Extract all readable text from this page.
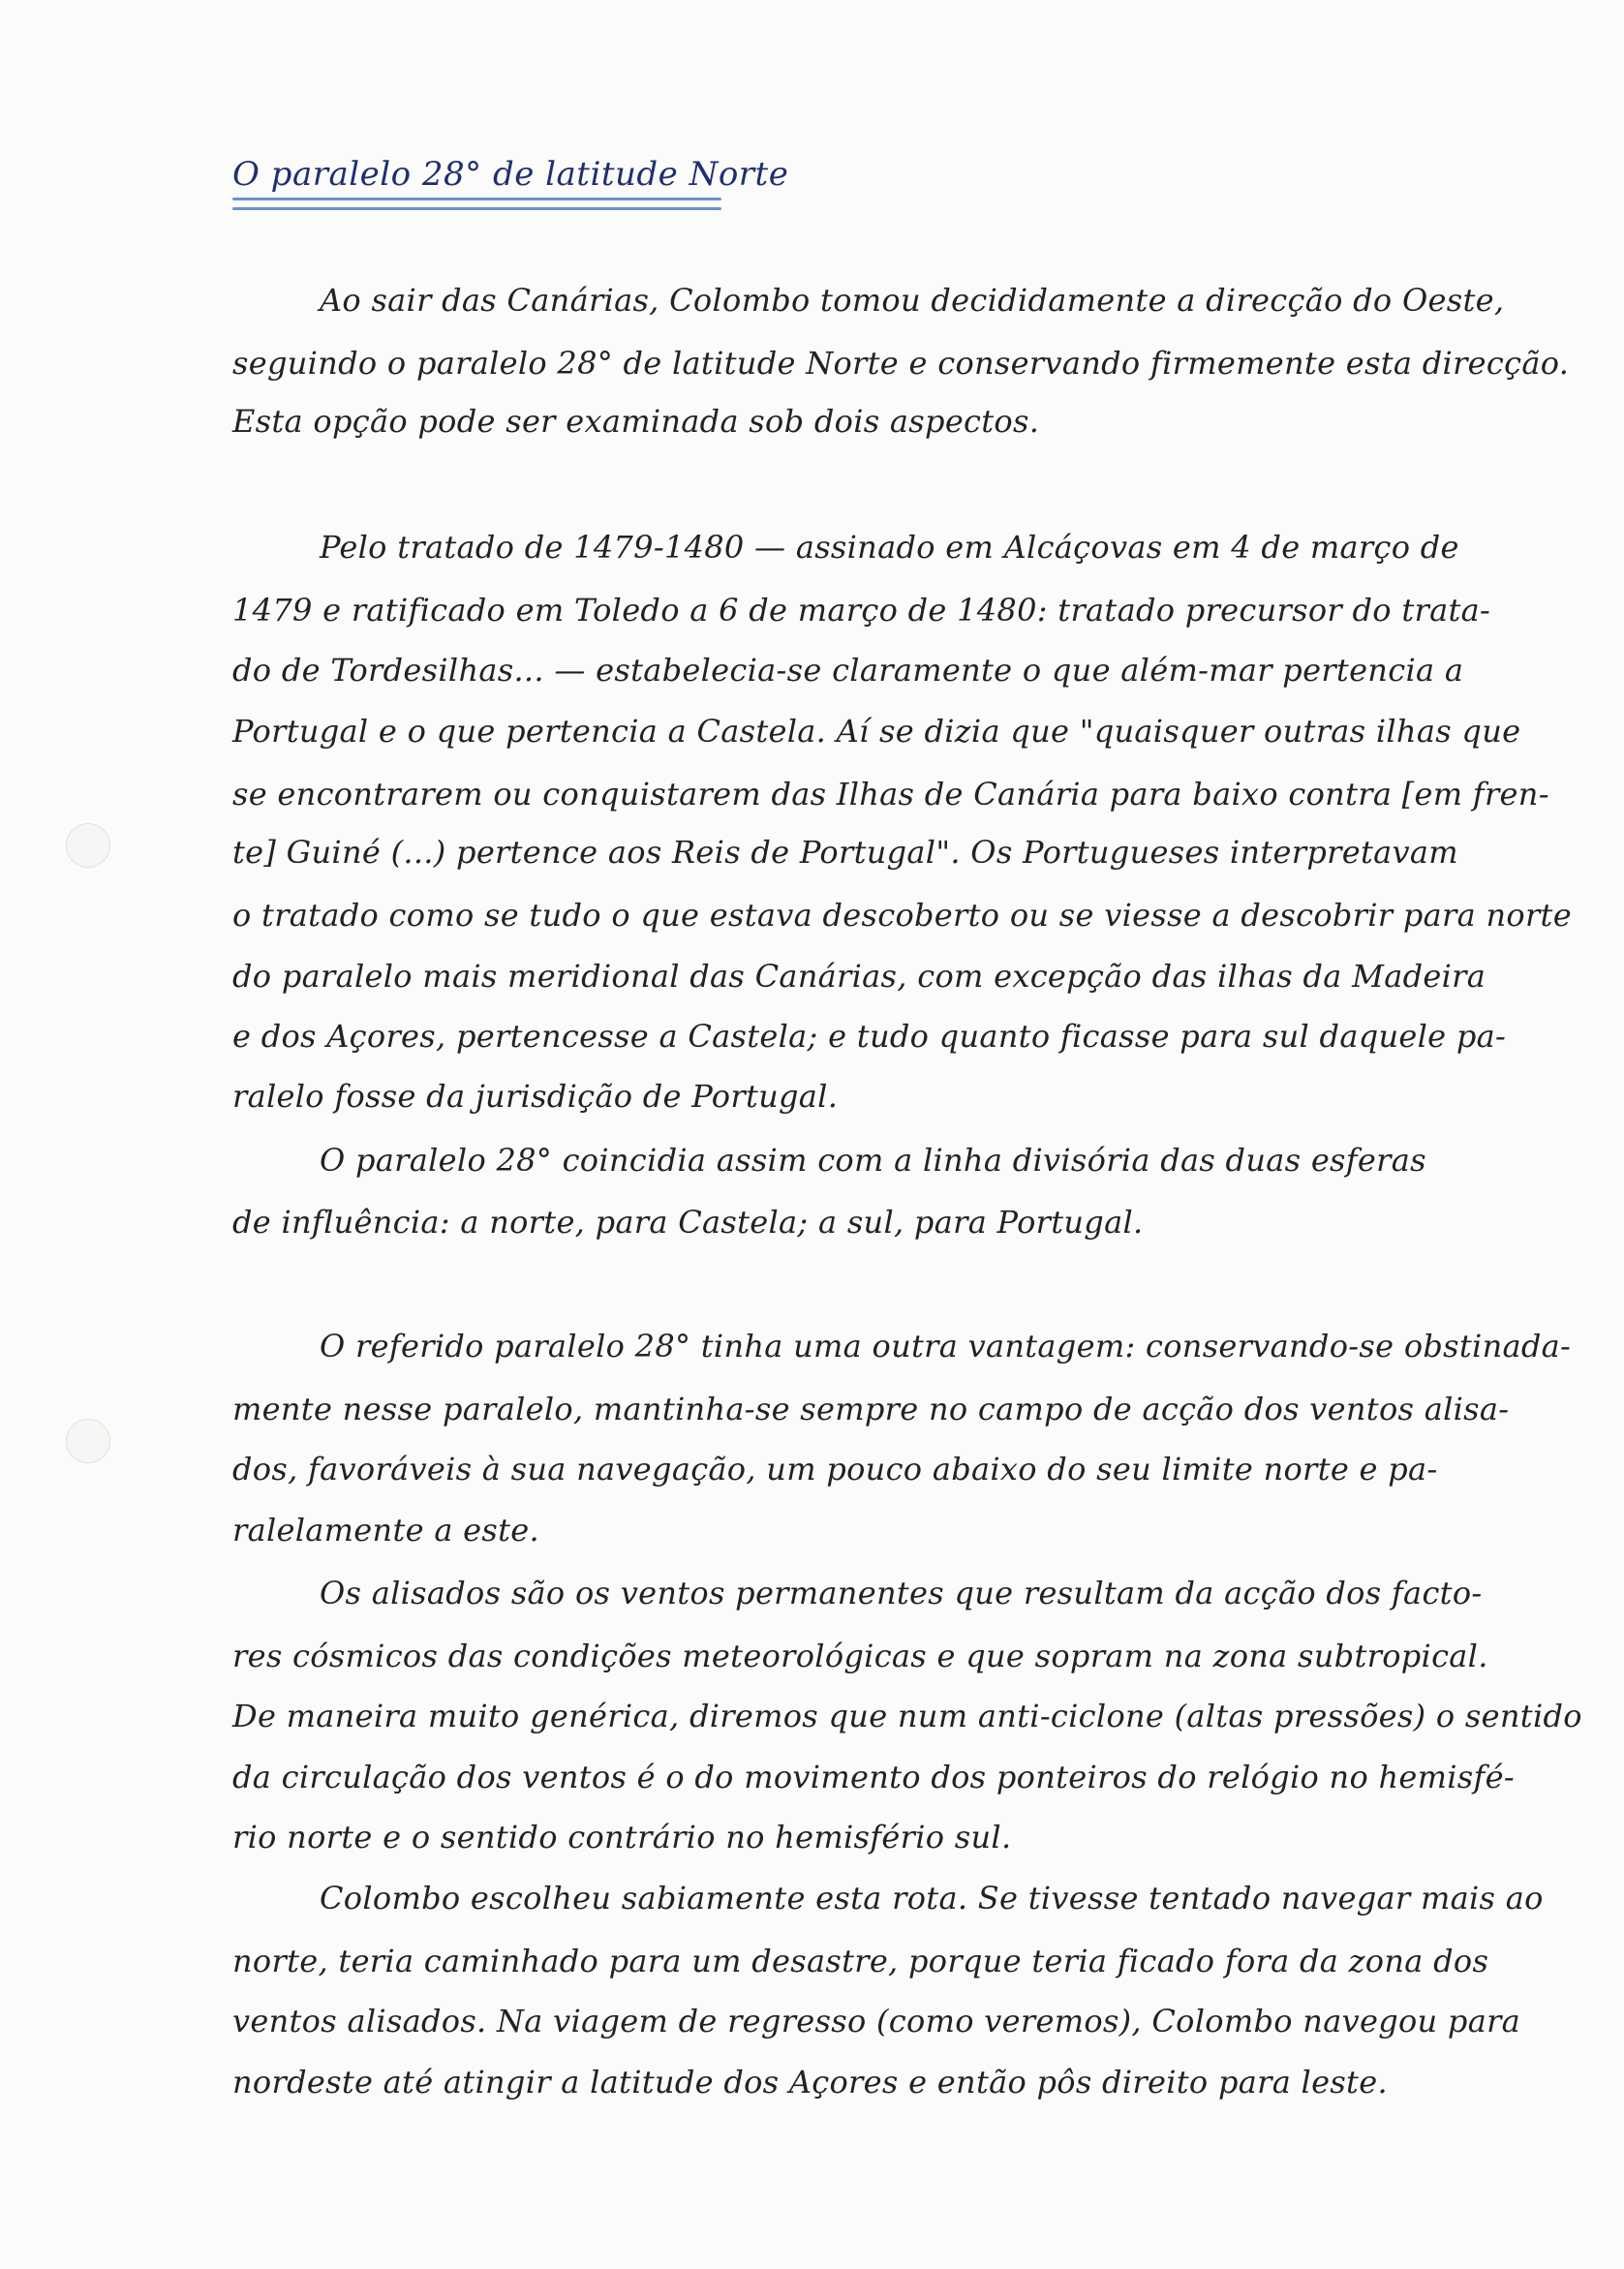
O paralelo 28° de latitude Norte
Ao sair das Canárias, Colombo tomou decididamente a direcção do Oeste,
seguindo o paralelo 28° de latitude Norte e conservando firmemente esta direcção.
Esta opção pode ser examinada sob dois aspectos.
Pelo tratado de 1479-1480 — assinado em Alcáçovas em 4 de março de
1479 e ratificado em Toledo a 6 de março de 1480: tratado precursor do trata-
do de Tordesilhas... — estabelecia-se claramente o que além-mar pertencia a
Portugal e o que pertencia a Castela. Aí se dizia que "quaisquer outras ilhas que
se encontrarem ou conquistarem das Ilhas de Canária para baixo contra [em fren-
te] Guiné (...) pertence aos Reis de Portugal". Os Portugueses interpretavam
o tratado como se tudo o que estava descoberto ou se viesse a descobrir para norte
do paralelo mais meridional das Canárias, com excepção das ilhas da Madeira
e dos Açores, pertencesse a Castela; e tudo quanto ficasse para sul daquele pa-
ralelo fosse da jurisdição de Portugal.
O paralelo 28° coincidia assim com a linha divisória das duas esferas
de influência: a norte, para Castela; a sul, para Portugal.
O referido paralelo 28° tinha uma outra vantagem: conservando-se obstinada-
mente nesse paralelo, mantinha-se sempre no campo de acção dos ventos alisa-
dos, favoráveis à sua navegação, um pouco abaixo do seu limite norte e pa-
ralelamente a este.
Os alisados são os ventos permanentes que resultam da acção dos facto-
res cósmicos das condições meteorológicas e que sopram na zona subtropical.
De maneira muito genérica, diremos que num anti-ciclone (altas pressões) o sentido
da circulação dos ventos é o do movimento dos ponteiros do relógio no hemisfé-
rio norte e o sentido contrário no hemisfério sul.
Colombo escolheu sabiamente esta rota. Se tivesse tentado navegar mais ao
norte, teria caminhado para um desastre, porque teria ficado fora da zona dos
ventos alisados. Na viagem de regresso (como veremos), Colombo navegou para
nordeste até atingir a latitude dos Açores e então pôs direito para leste.
